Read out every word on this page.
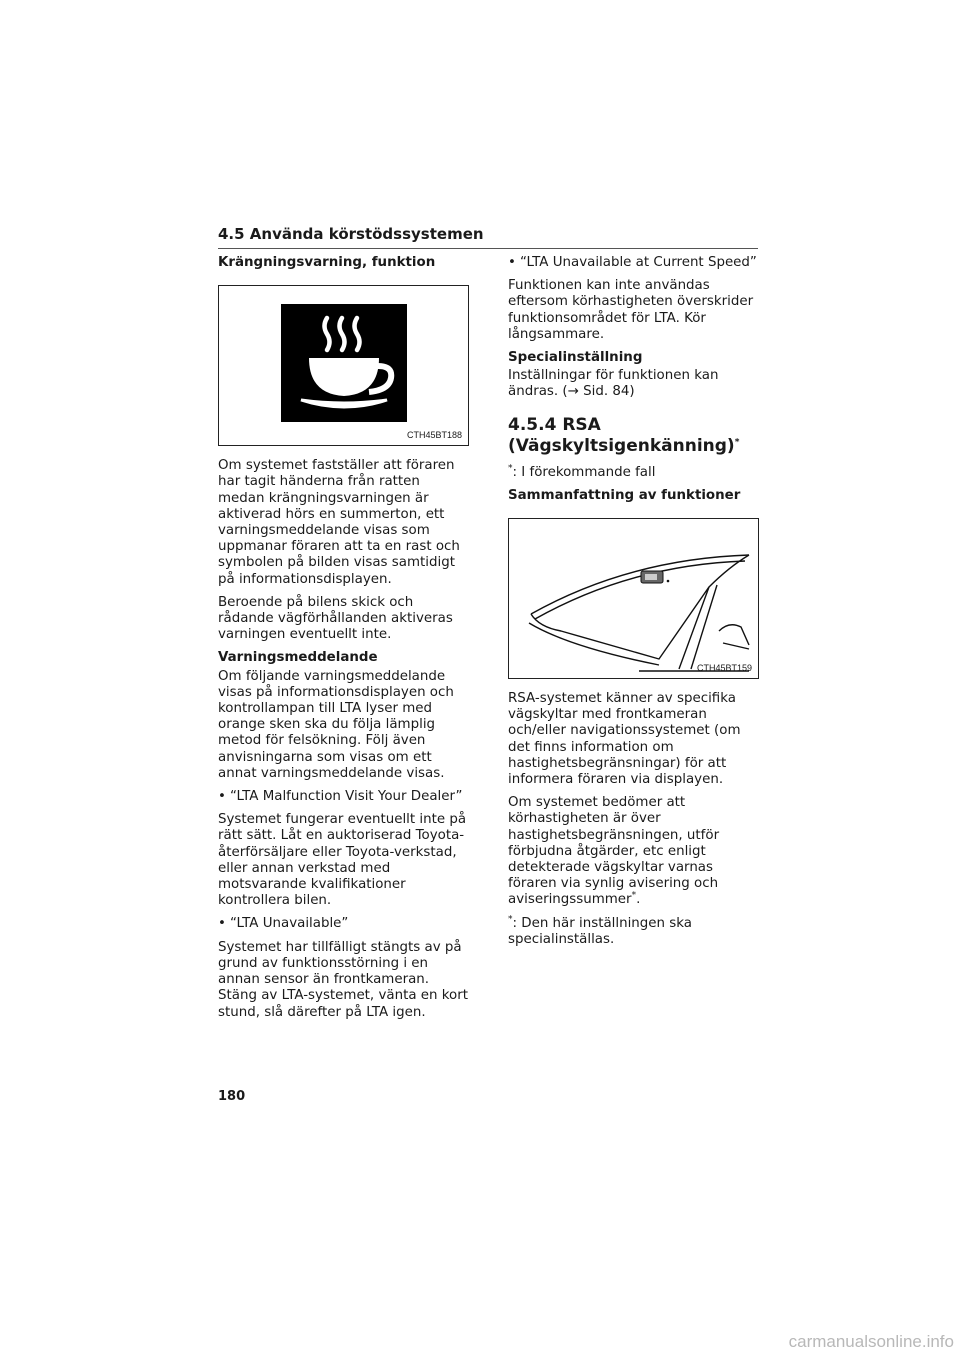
4.5 Använda körstödssystemen
Krängningsvarning, funktion
CTH45BT188

Om systemet fastställer att föraren har tagit händerna från ratten medan krängningsvarningen är aktiverad hörs en summerton, ett varningsmeddelande visas som uppmanar föraren att ta en rast och symbolen på bilden visas samtidigt på informationsdisplayen.

Beroende på bilens skick och rådande vägförhållanden aktiveras varningen eventuellt inte.

Varningsmeddelande

Om följande varningsmeddelande visas på informationsdisplayen och kontrollampan till LTA lyser med orange sken ska du följa lämplig metod för felsökning. Följ även anvisningarna som visas om ett annat varningsmeddelande visas.

• “LTA Malfunction Visit Your Dealer”

Systemet fungerar eventuellt inte på rätt sätt. Låt en auktoriserad Toyota-återförsäljare eller Toyota-verkstad, eller annan verkstad med motsvarande kvalifikationer kontrollera bilen.

• “LTA Unavailable”

Systemet har tillfälligt stängts av på grund av funktionsstörning i en annan sensor än frontkameran. Stäng av LTA-systemet, vänta en kort stund, slå därefter på LTA igen.

• “LTA Unavailable at Current Speed”

Funktionen kan inte användas eftersom körhastigheten överskrider funktionsområdet för LTA. Kör långsammare.

Specialinställning

Inställningar för funktionen kan ändras. (→ Sid. 84)

4.5.4 RSA
(Vägskyltsigenkänning)*

*: I förekommande fall

Sammanfattning av funktioner
CTH45BT159

RSA-systemet känner av specifika vägskyltar med frontkameran och/eller navigationssystemet (om det finns information om hastighetsbegränsningar) för att informera föraren via displayen.

Om systemet bedömer att körhastigheten är över hastighetsbegränsningen, utför förbjudna åtgärder, etc enligt detekterade vägskyltar varnas föraren via synlig avisering och aviseringssummer*.

*: Den här inställningen ska specialinställas.

180
carmanualsonline.info
